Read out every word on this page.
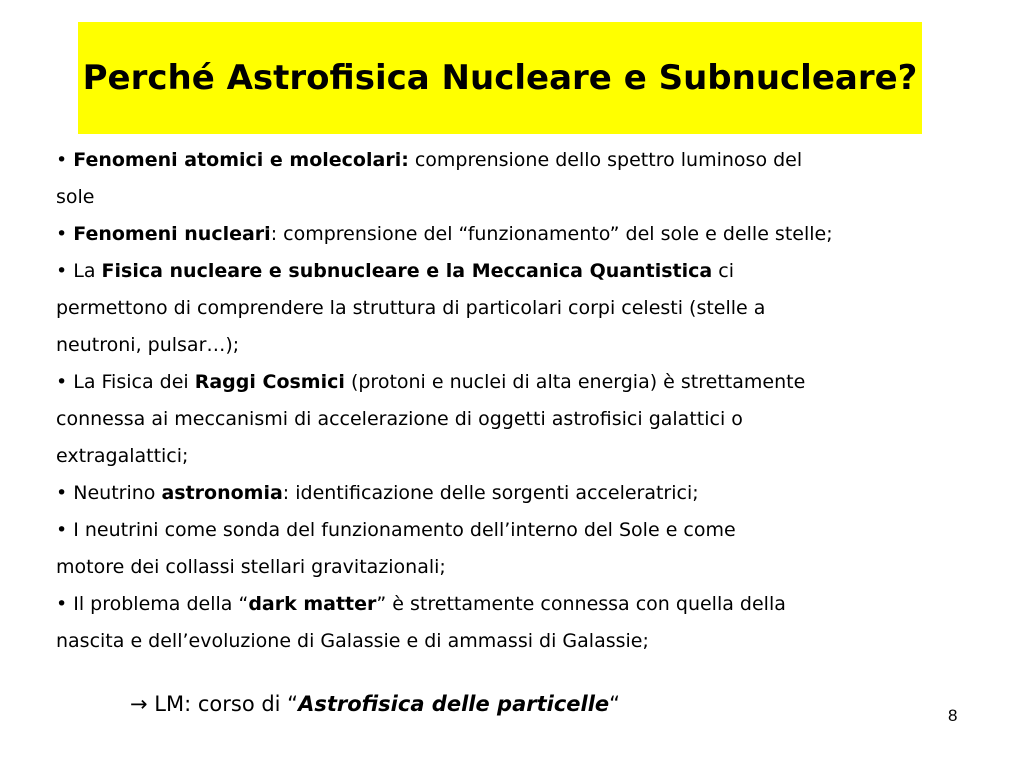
Perché Astrofisica Nucleare e Subnucleare?
• Fenomeni atomici e molecolari: comprensione dello spettro luminoso del
sole
• Fenomeni nucleari: comprensione del “funzionamento” del sole e delle stelle;
• La Fisica nucleare e subnucleare e la Meccanica Quantistica ci
permettono di comprendere la struttura di particolari corpi celesti (stelle a
neutroni, pulsar…);
• La Fisica dei Raggi Cosmici (protoni e nuclei di alta energia) è strettamente
connessa ai meccanismi di accelerazione di oggetti astrofisici galattici o
extragalattici;
• Neutrino astronomia: identificazione delle sorgenti acceleratrici;
• I neutrini come sonda del funzionamento dell’interno del Sole e come
motore dei collassi stellari gravitazionali;
• Il problema della “dark matter” è strettamente connessa con quella della
nascita e dell’evoluzione di Galassie e di ammassi di Galassie;
→ LM: corso di “Astrofisica delle particelle“	8
